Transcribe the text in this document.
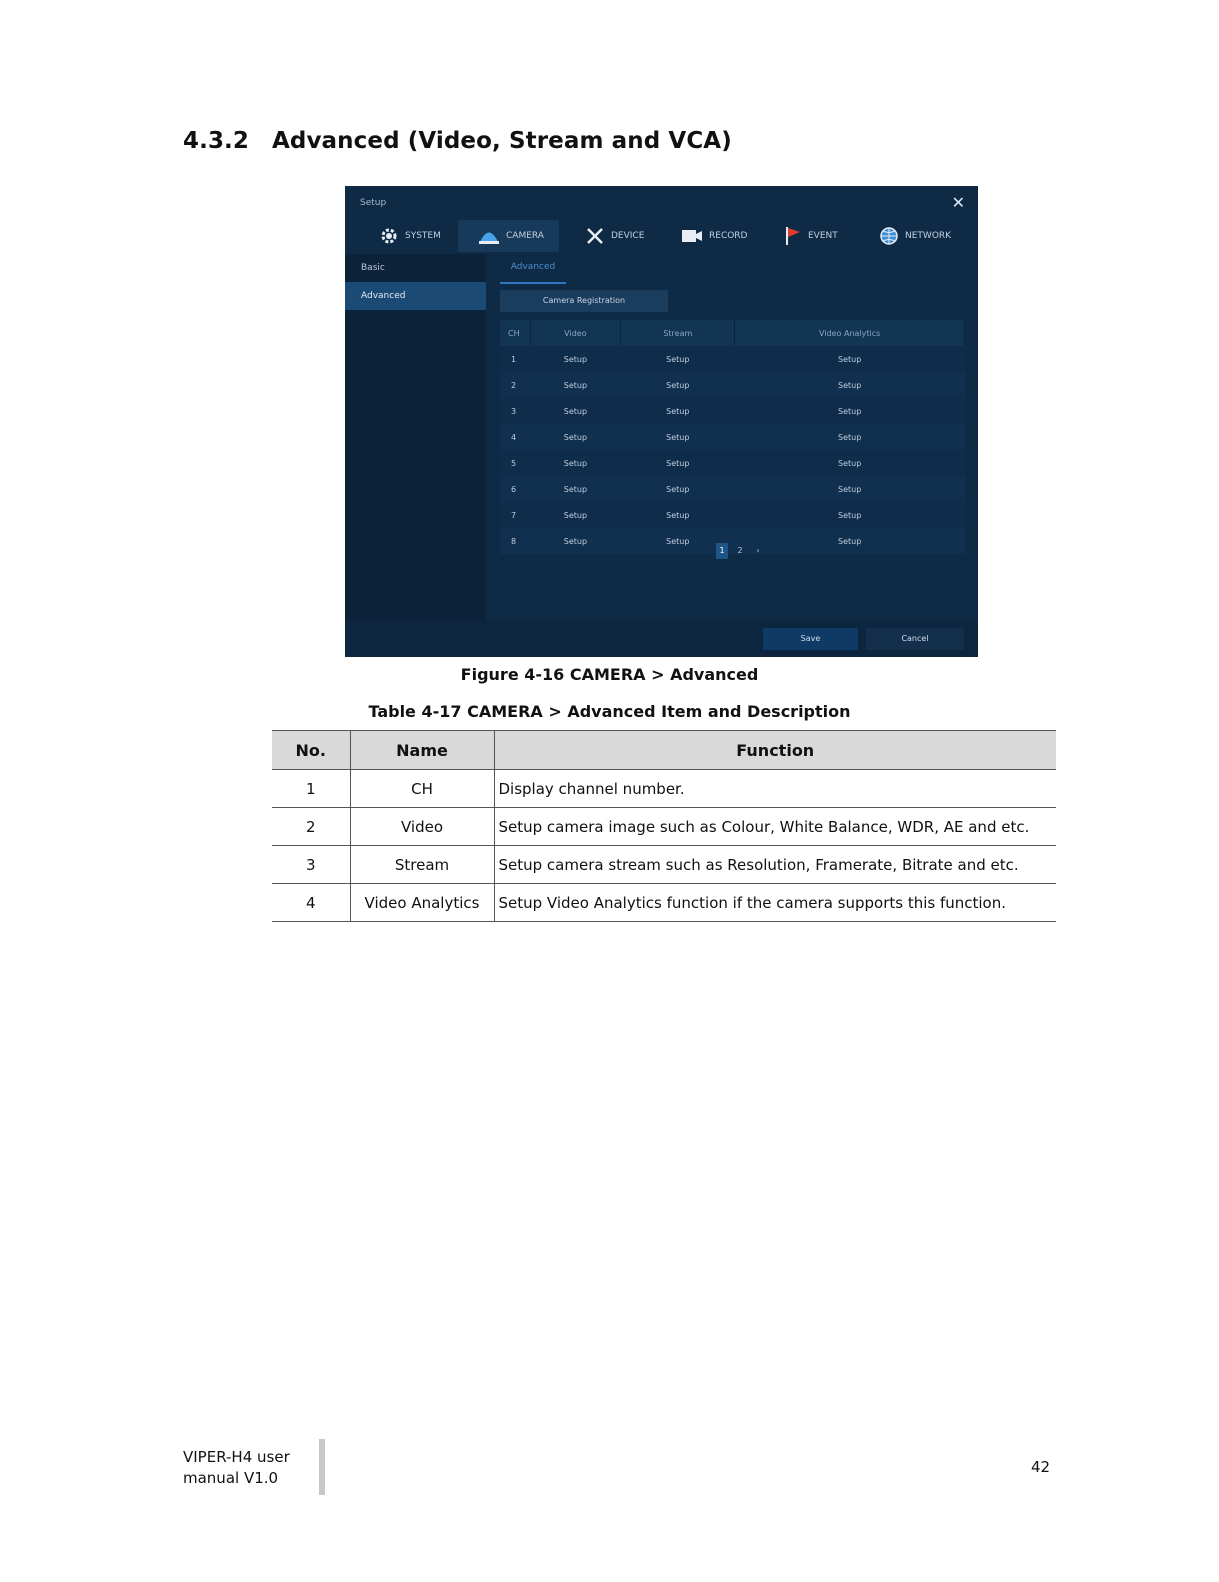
4.3.2 Advanced (Video, Stream and VCA)
Setup	✕
SYSTEM	CAMERA	DEVICE	RECORD	EVENT	NETWORK
Basic
Advanced
Advanced
Camera Registration
CH	Video	Stream	Video Analytics
1	Setup	Setup	Setup
2	Setup	Setup	Setup
3	Setup	Setup	Setup
4	Setup	Setup	Setup
5	Setup	Setup	Setup
6	Setup	Setup	Setup
7	Setup	Setup	Setup
8	Setup	Setup	Setup
1	2	›
Save	Cancel
Figure 4-16 CAMERA > Advanced
Table 4-17 CAMERA > Advanced Item and Description
No.	Name	Function
1	CH	Display channel number.
2	Video	Setup camera image such as Colour, White Balance, WDR, AE and etc.
3	Stream	Setup camera stream such as Resolution, Framerate, Bitrate and etc.
4	Video Analytics	Setup Video Analytics function if the camera supports this function.
VIPER-H4 user
manual V1.0
42
